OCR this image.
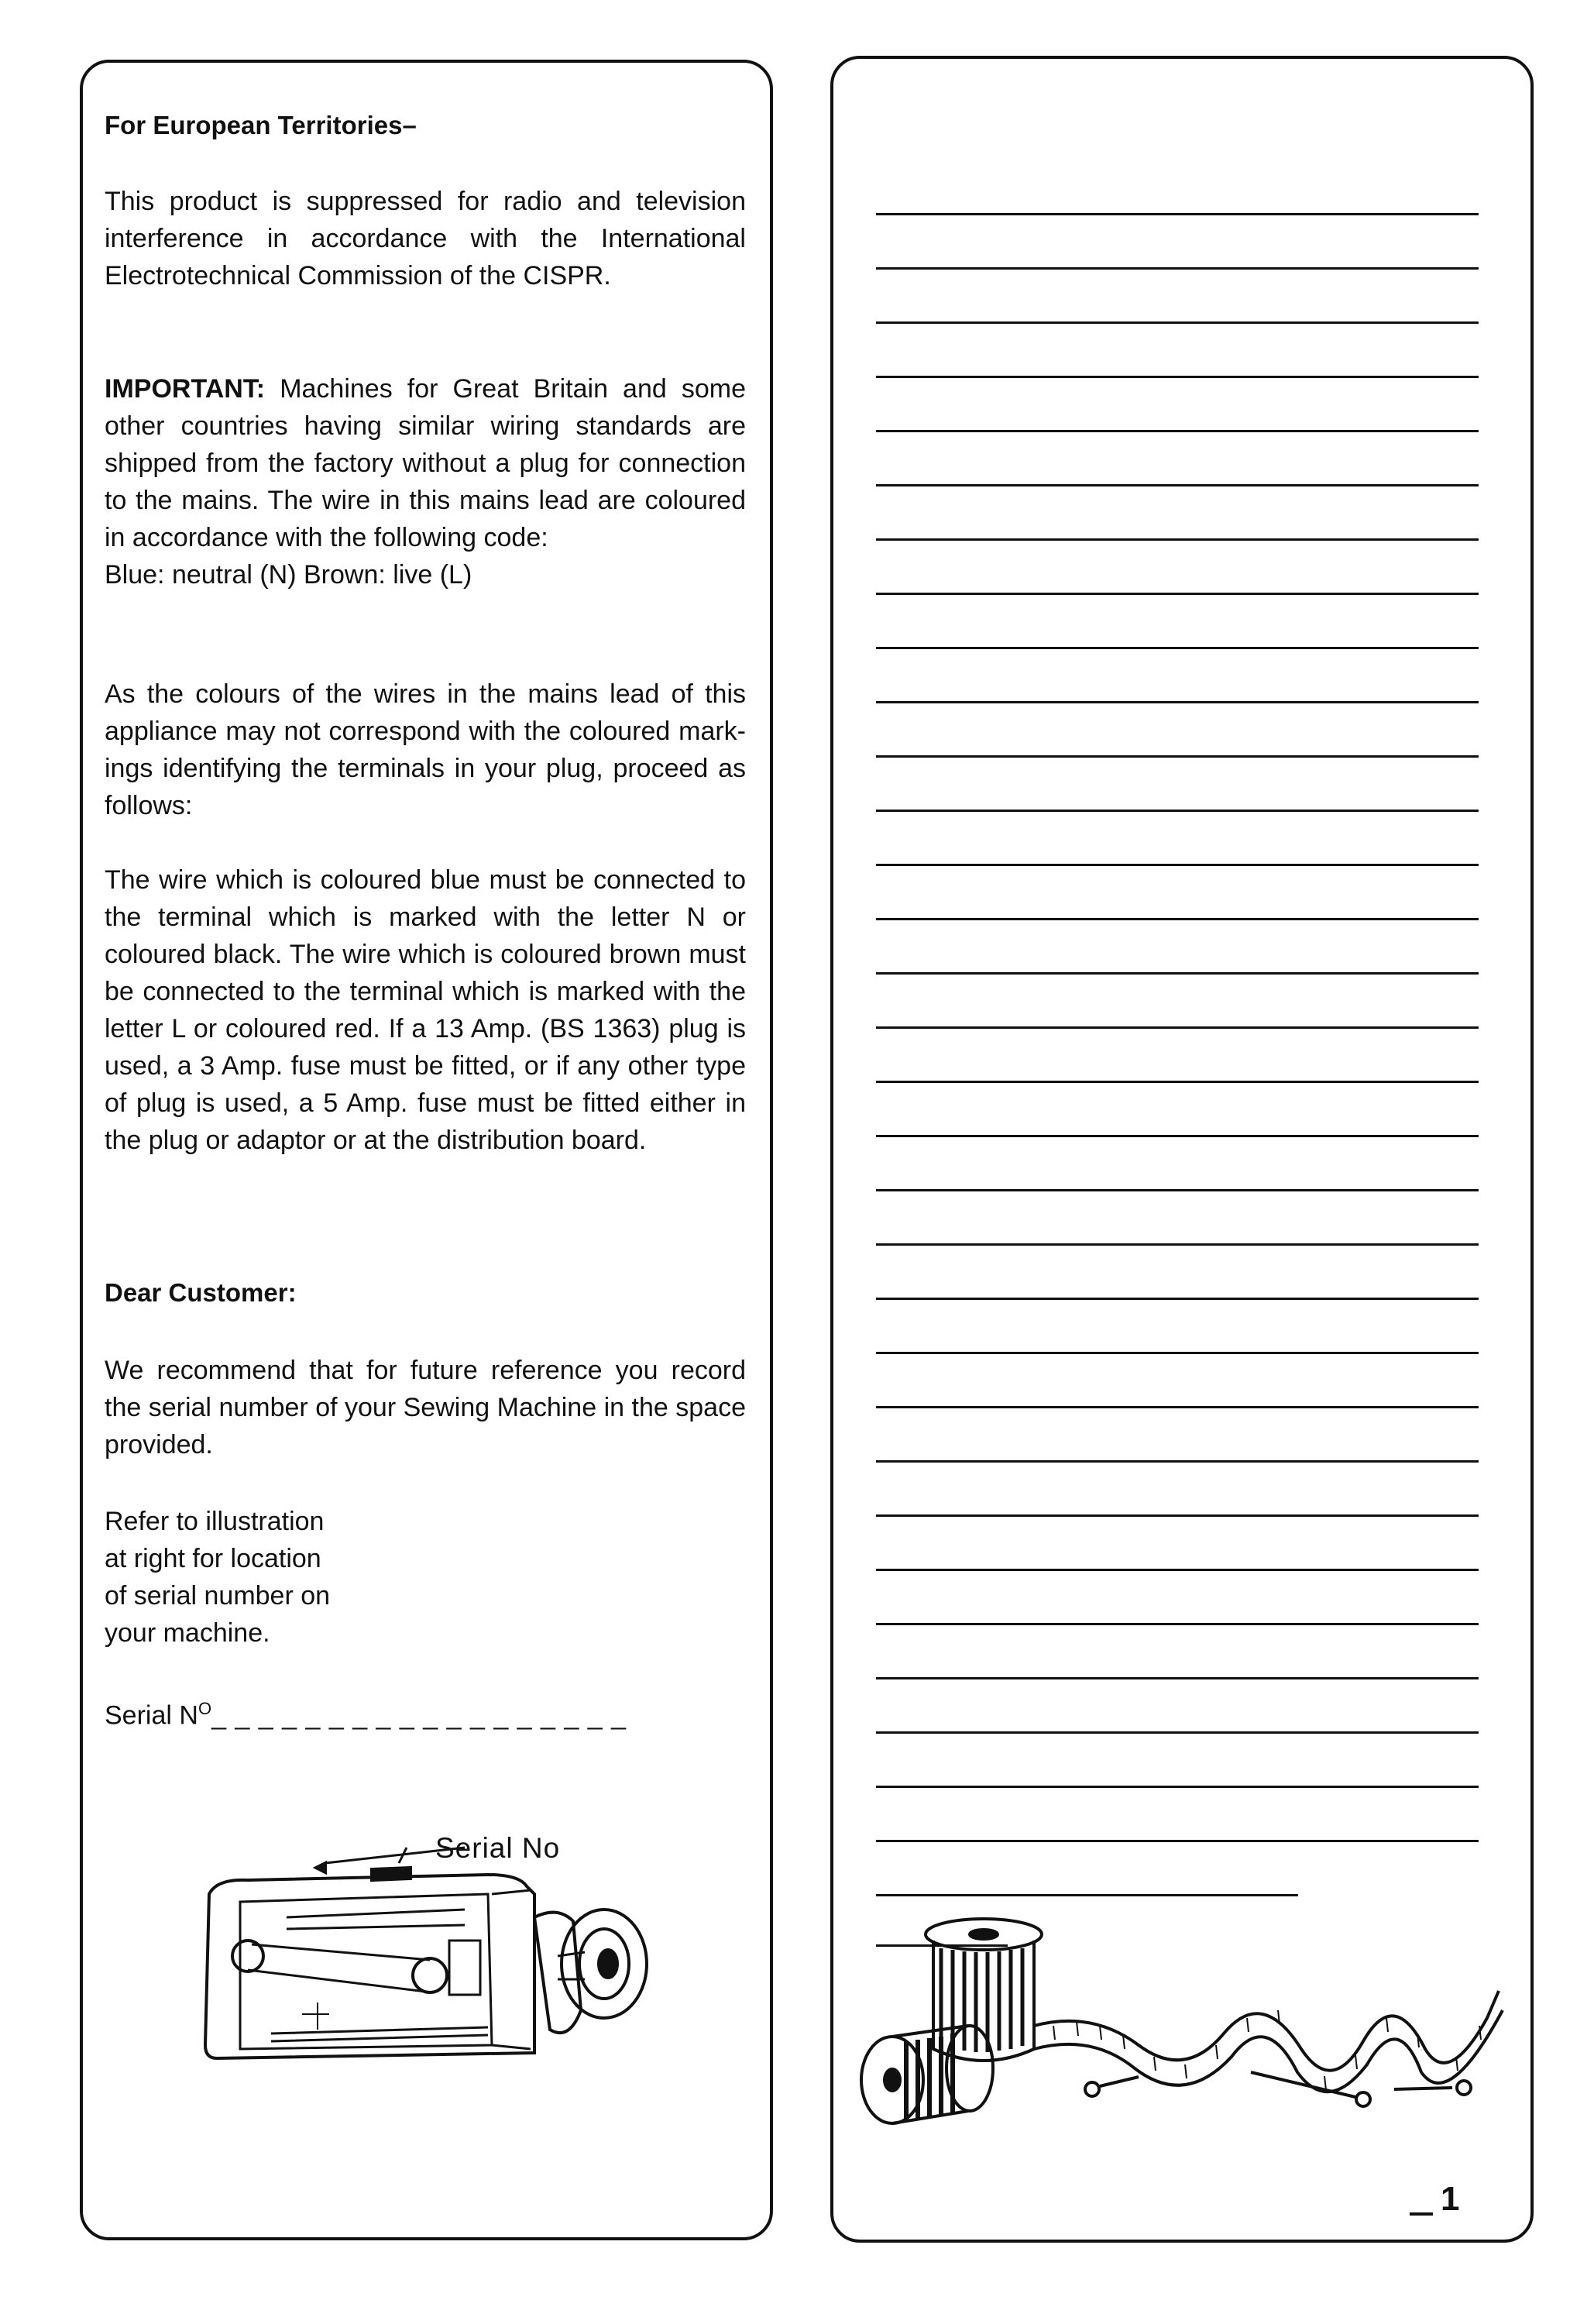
For European Territories–

This product is suppressed for radio and television interference in accordance with the International Electrotechnical Commission of the CISPR.

IMPORTANT: Machines for Great Britain and some other countries having similar wiring standards are shipped from the factory without a plug for connection to the mains. The wire in this mains lead are coloured in accordance with the following code:
Blue: neutral (N) Brown: live (L)

As the colours of the wires in the mains lead of this appliance may not correspond with the coloured mark-ings identifying the terminals in your plug, proceed as follows:

The wire which is coloured blue must be connected to the terminal which is marked with the letter N or coloured black. The wire which is coloured brown must be connected to the terminal which is marked with the letter L or coloured red. If a 13 Amp. (BS 1363) plug is used, a 3 Amp. fuse must be fitted, or if any other type of plug is used, a 5 Amp. fuse must be fitted either in the plug or adaptor or at the distribution board.

Dear Customer:

We recommend that for future reference you record the serial number of your Sewing Machine in the space provided.

Refer to illustration
at right for location
of serial number on
your machine.
Serial $N^O\_$ _ _ _ _ _ _ _ _ _ _ _ _ _ _ _ _ _
Serial No
1
